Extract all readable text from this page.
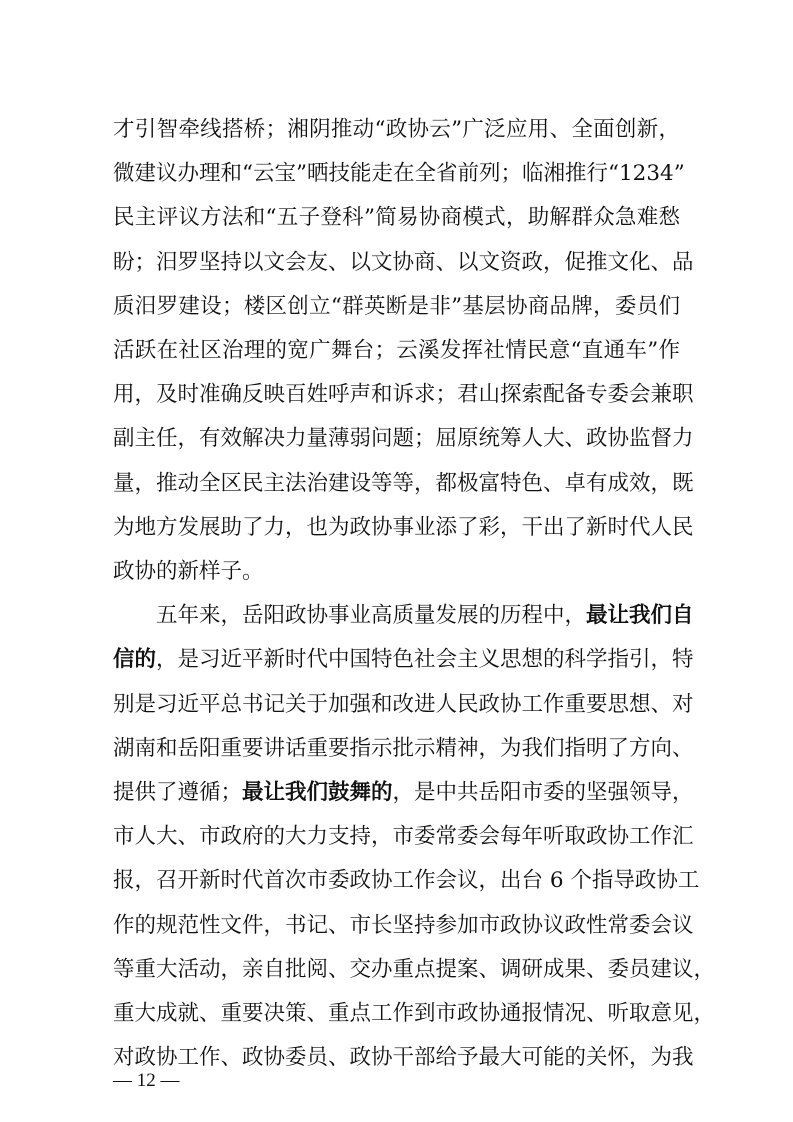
才引智牵线搭桥；湘阴推动“政协云”广泛应用、全面创新，
微建议办理和“云宝”晒技能走在全省前列；临湘推行“1234”
民主评议方法和“五子登科”简易协商模式，助解群众急难愁
盼；汨罗坚持以文会友、以文协商、以文资政，促推文化、品
质汨罗建设；楼区创立“群英断是非”基层协商品牌，委员们
活跃在社区治理的宽广舞台；云溪发挥社情民意“直通车”作
用，及时准确反映百姓呼声和诉求；君山探索配备专委会兼职
副主任，有效解决力量薄弱问题；屈原统筹人大、政协监督力
量，推动全区民主法治建设等等，都极富特色、卓有成效，既
为地方发展助了力，也为政协事业添了彩，干出了新时代人民
政协的新样子。
五年来，岳阳政协事业高质量发展的历程中，最让我们自
信的，是习近平新时代中国特色社会主义思想的科学指引，特
别是习近平总书记关于加强和改进人民政协工作重要思想、对
湖南和岳阳重要讲话重要指示批示精神，为我们指明了方向、
提供了遵循；最让我们鼓舞的，是中共岳阳市委的坚强领导，
市人大、市政府的大力支持，市委常委会每年听取政协工作汇
报，召开新时代首次市委政协工作会议，出台 6 个指导政协工
作的规范性文件，书记、市长坚持参加市政协议政性常委会议
等重大活动，亲自批阅、交办重点提案、调研成果、委员建议，
重大成就、重要决策、重点工作到市政协通报情况、听取意见，
对政协工作、政协委员、政协干部给予最大可能的关怀，为我
— 12 —
